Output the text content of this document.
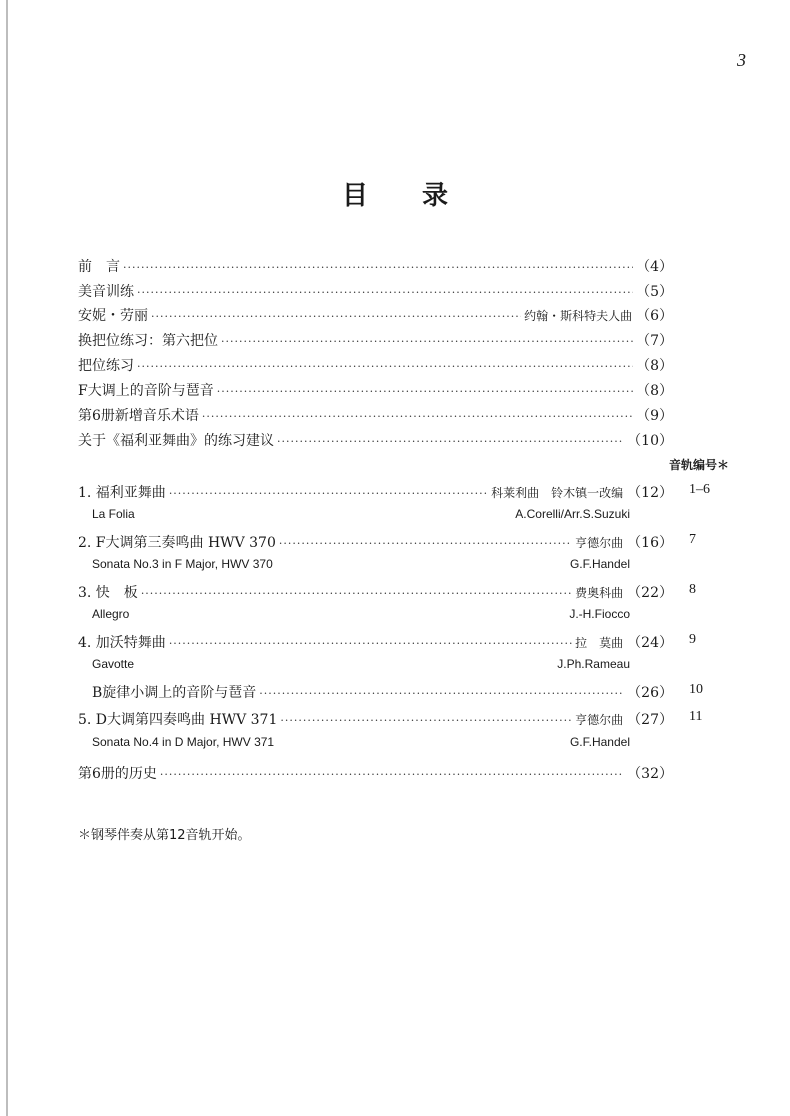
3
目录
前　言 ·····	（4）
美音训练 ·····	（5）
安妮・劳丽 ·····	约翰・斯科特夫人曲 （6）
换把位练习：第六把位 ·····	（7）
把位练习 ·····	（8）
F大调上的音阶与琶音 ·····	（8）
第6册新增音乐术语 ·····	（9）
关于《福利亚舞曲》的练习建议 ·····	（10）
音轨编号＊
1. 福利亚舞曲 ·····	科莱利曲　铃木镇一改编 （12） 1–6
La Folia	A.Corelli/Arr.S.Suzuki
2. F大调第三奏鸣曲 HWV 370 ·····	亨德尔曲 （16） 7
Sonata No.3 in F Major, HWV 370	G.F.Handel
3. 快　板 ·····	费奥科曲 （22） 8
Allegro	J.-H.Fiocco
4. 加沃特舞曲 ·····	拉　莫曲 （24） 9
Gavotte	J.Ph.Rameau
B旋律小调上的音阶与琶音 ·····	（26） 10
5. D大调第四奏鸣曲 HWV 371 ·····	亨德尔曲 （27） 11
Sonata No.4 in D Major, HWV 371	G.F.Handel
第6册的历史 ·····	（32）
＊钢琴伴奏从第12音轨开始。
